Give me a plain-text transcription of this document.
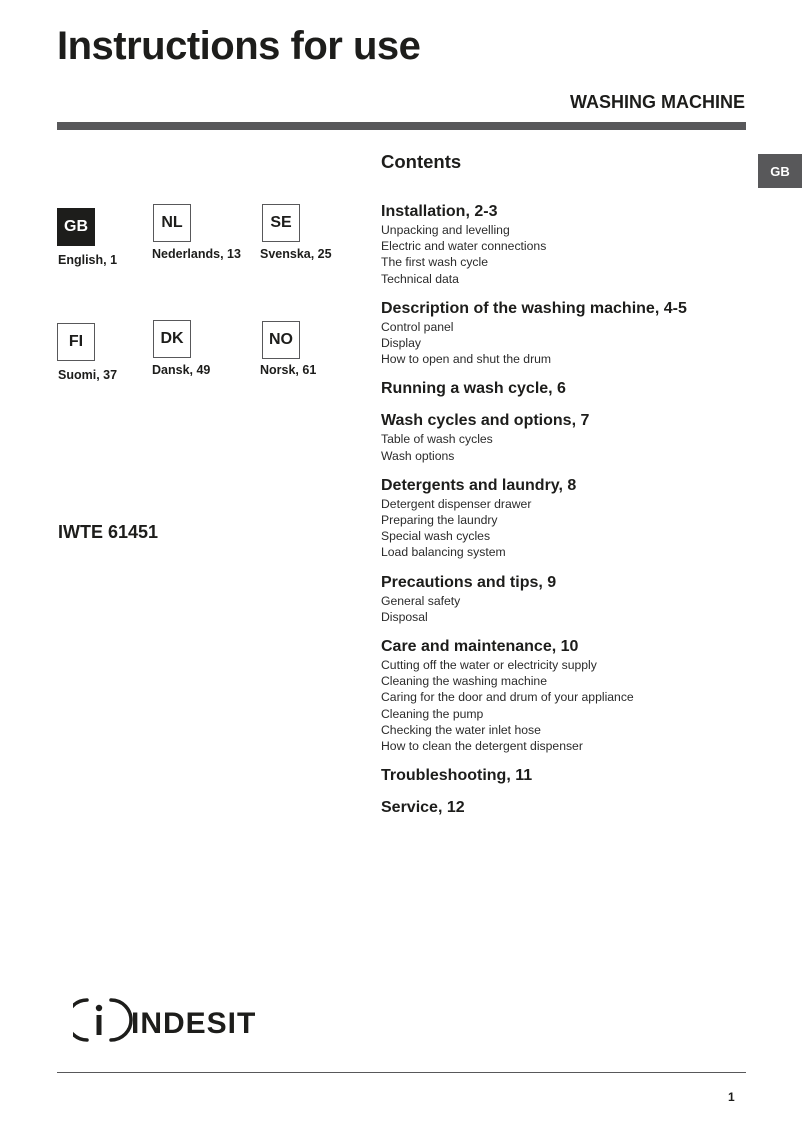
Instructions for use
WASHING MACHINE
GB
GB
English, 1
NL
Nederlands, 13
SE
Svenska, 25
FI
Suomi, 37
DK
Dansk, 49
NO
Norsk, 61
IWTE 61451
Contents
Installation, 2-3
Unpacking and levelling
Electric and water connections
The first wash cycle
Technical data
Description of the washing machine, 4-5
Control panel
Display
How to open and shut the drum
Running a wash cycle, 6
Wash cycles and options, 7
Table of wash cycles
Wash options
Detergents and laundry, 8
Detergent dispenser drawer
Preparing the laundry
Special wash cycles
Load balancing system
Precautions and tips, 9
General safety
Disposal
Care and maintenance, 10
Cutting off the water or electricity supply
Cleaning the washing machine
Caring for the door and drum of your appliance
Cleaning the pump
Checking the water inlet hose
How to clean the detergent dispenser
Troubleshooting, 11
Service, 12
INDESIT
1
